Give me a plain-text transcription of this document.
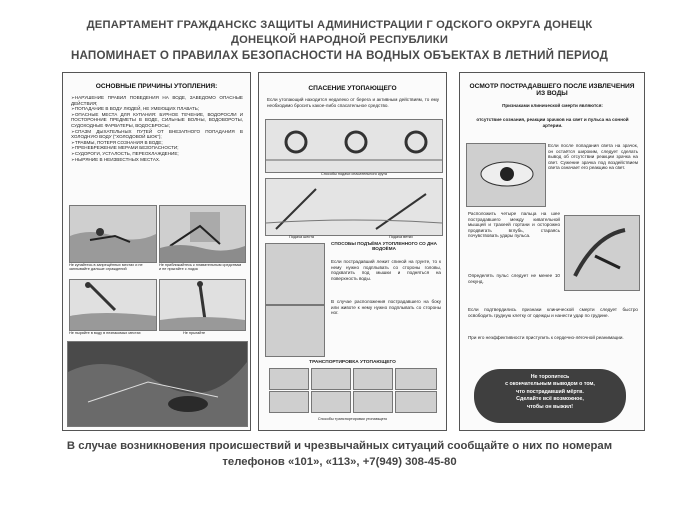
ДЕПАРТАМЕНТ ГРАЖДАНСКС ЗАЩИТЫ АДМИНИСТРАЦИИ Г ОДСКОГО ОКРУГА ДОНЕЦК
ДОНЕЦКОЙ НАРОДНОЙ РЕСПУБЛИКИ
НАПОМИНАЕТ О ПРАВИЛАХ БЕЗОПАСНОСТИ НА ВОДНЫХ ОБЪЕКТАХ В ЛЕТНИЙ ПЕРИОД
ОСНОВНЫЕ ПРИЧИНЫ УТОПЛЕНИЯ:
➢НАРУШЕНИЕ ПРАВИЛ ПОВЕДЕНИЯ НА ВОДЕ, ЗАВЕДОМО ОПАСНЫЕ ДЕЙСТВИЯ;
➢ПОПАДАНИЕ В ВОДУ ЛЮДЕЙ, НЕ УМЕЮЩИХ ПЛАВАТЬ;
➢ОПАСНЫЕ МЕСТА ДЛЯ КУПАНИЯ: БУРНОЕ ТЕЧЕНИЕ, ВОДОРОСЛИ И ПОСТОРОННИЕ ПРЕДМЕТЫ В ВОДЕ, СИЛЬНЫЕ ВОЛНЫ, ВОДОВОРОТЫ, СУДОХОДНЫЕ ФАРВАТЕРЫ, ВОДОСБРОСЫ;
➢СПАЗМ ДЫХАТЕЛЬНЫХ ПУТЕЙ ОТ ВНЕЗАПНОГО ПОПАДАНИЯ В ХОЛОДНУЮ ВОДУ ("ХОЛОДОВОЙ ШОК");
➢ТРАВМЫ, ПОТЕРЯ СОЗНАНИЯ В ВОДЕ;
➢ПРЕНЕБРЕЖЕНИЕ МЕРАМИ БЕЗОПАСНОСТИ;
➢СУДОРОГИ, УСТАЛОСТЬ, ПЕРЕОХЛАЖДЕНИЕ;
➢НЫРЯНИЕ В НЕИЗВЕСТНЫХ МЕСТАХ.
Не купайтесь в запрещённых местах и не заплывайте дальше ограждений
Не приближайтесь к плавательным средствам и не прыгайте с лодок
Не ныряйте в воду в незнакомых местах	Не прыгайте
СПАСЕНИЕ УТОПАЮЩЕГО
Если утопающий находится недалеко от берега и активным действиям, то ему необходимо бросить какое-либо спасательное средство.
Способы подачи спасательного круга
Подача шеста	Подача ветки
СПОСОБЫ ПОДЪЁМА УТОПЛЕННОГО СО ДНА ВОДОЁМА
Если пострадавший лежит спиной на грунте, то к нему нужно подплывать со стороны головы, подхватить под мышки и подняться на поверхность воды.
В случае расположения пострадавшего на боку или животе к нему нужно подплывать со стороны ног.
ТРАНСПОРТИРОВКА УТОПАЮЩЕГО
Способы транспортировки утопающего
ОСМОТР ПОСТРАДАВШЕГО ПОСЛЕ ИЗВЛЕЧЕНИЯ ИЗ ВОДЫ
Признаками клинической смерти являются:
отсутствие сознания, реакции зрачков на свет и пульса на сонной артерии.
Если после попадания света на зрачок, он остаётся широким, следует сделать вывод об отсутствии реакции зрачка на свет. Сужение зрачка под воздействием света означает его реакцию на свет.
Расположить четыре пальца на шее пострадавшего между кивательной мышцей и трахеей гортани и осторожно продвигать вглубь, стараясь почувствовать удары пульса.
Определять пульс следует не менее 10 секунд.
Если подтвердились признаки клинической смерти следует быстро освободить грудную клетку от одежды и нанести удар по грудине.
При его неэффективности приступить к сердечно-лёгочной реанимации.
Не торопитесь
с окончательным выводом о том,
что пострадавший мёртв.
Сделайте всё возможное,
чтобы он выжил!
В случае возникновения происшествий и чрезвычайных ситуаций сообщайте о них по номерам
телефонов «101», «113», +7(949) 308-45-80
